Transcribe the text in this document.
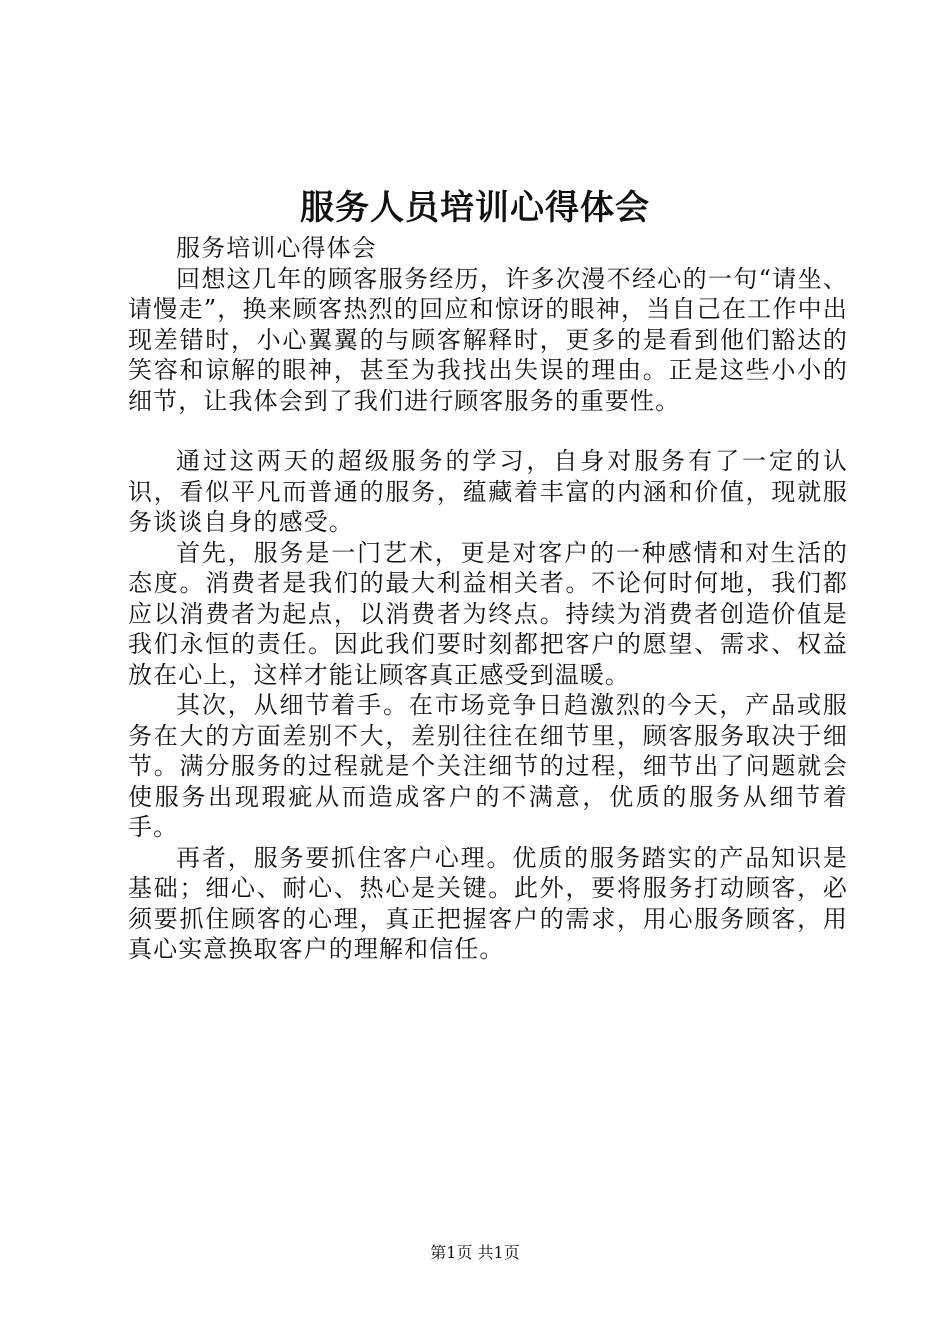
服务人员培训心得体会

服务培训心得体会

回想这几年的顾客服务经历，许多次漫不经心的一句“请坐、请慢走”，换来顾客热烈的回应和惊讶的眼神，当自己在工作中出现差错时，小心翼翼的与顾客解释时，更多的是看到他们豁达的笑容和谅解的眼神，甚至为我找出失误的理由。正是这些小小的细节，让我体会到了我们进行顾客服务的重要性。

通过这两天的超级服务的学习，自身对服务有了一定的认识，看似平凡而普通的服务，蕴藏着丰富的内涵和价值，现就服务谈谈自身的感受。

首先，服务是一门艺术，更是对客户的一种感情和对生活的态度。消费者是我们的最大利益相关者。不论何时何地，我们都应以消费者为起点，以消费者为终点。持续为消费者创造价值是我们永恒的责任。因此我们要时刻都把客户的愿望、需求、权益放在心上，这样才能让顾客真正感受到温暖。

其次，从细节着手。在市场竞争日趋激烈的今天，产品或服务在大的方面差别不大，差别往往在细节里，顾客服务取决于细节。满分服务的过程就是个关注细节的过程，细节出了问题就会使服务出现瑕疵从而造成客户的不满意，优质的服务从细节着手。

再者，服务要抓住客户心理。优质的服务踏实的产品知识是基础；细心、耐心、热心是关键。此外，要将服务打动顾客，必须要抓住顾客的心理，真正把握客户的需求，用心服务顾客，用真心实意换取客户的理解和信任。

第1页 共1页
